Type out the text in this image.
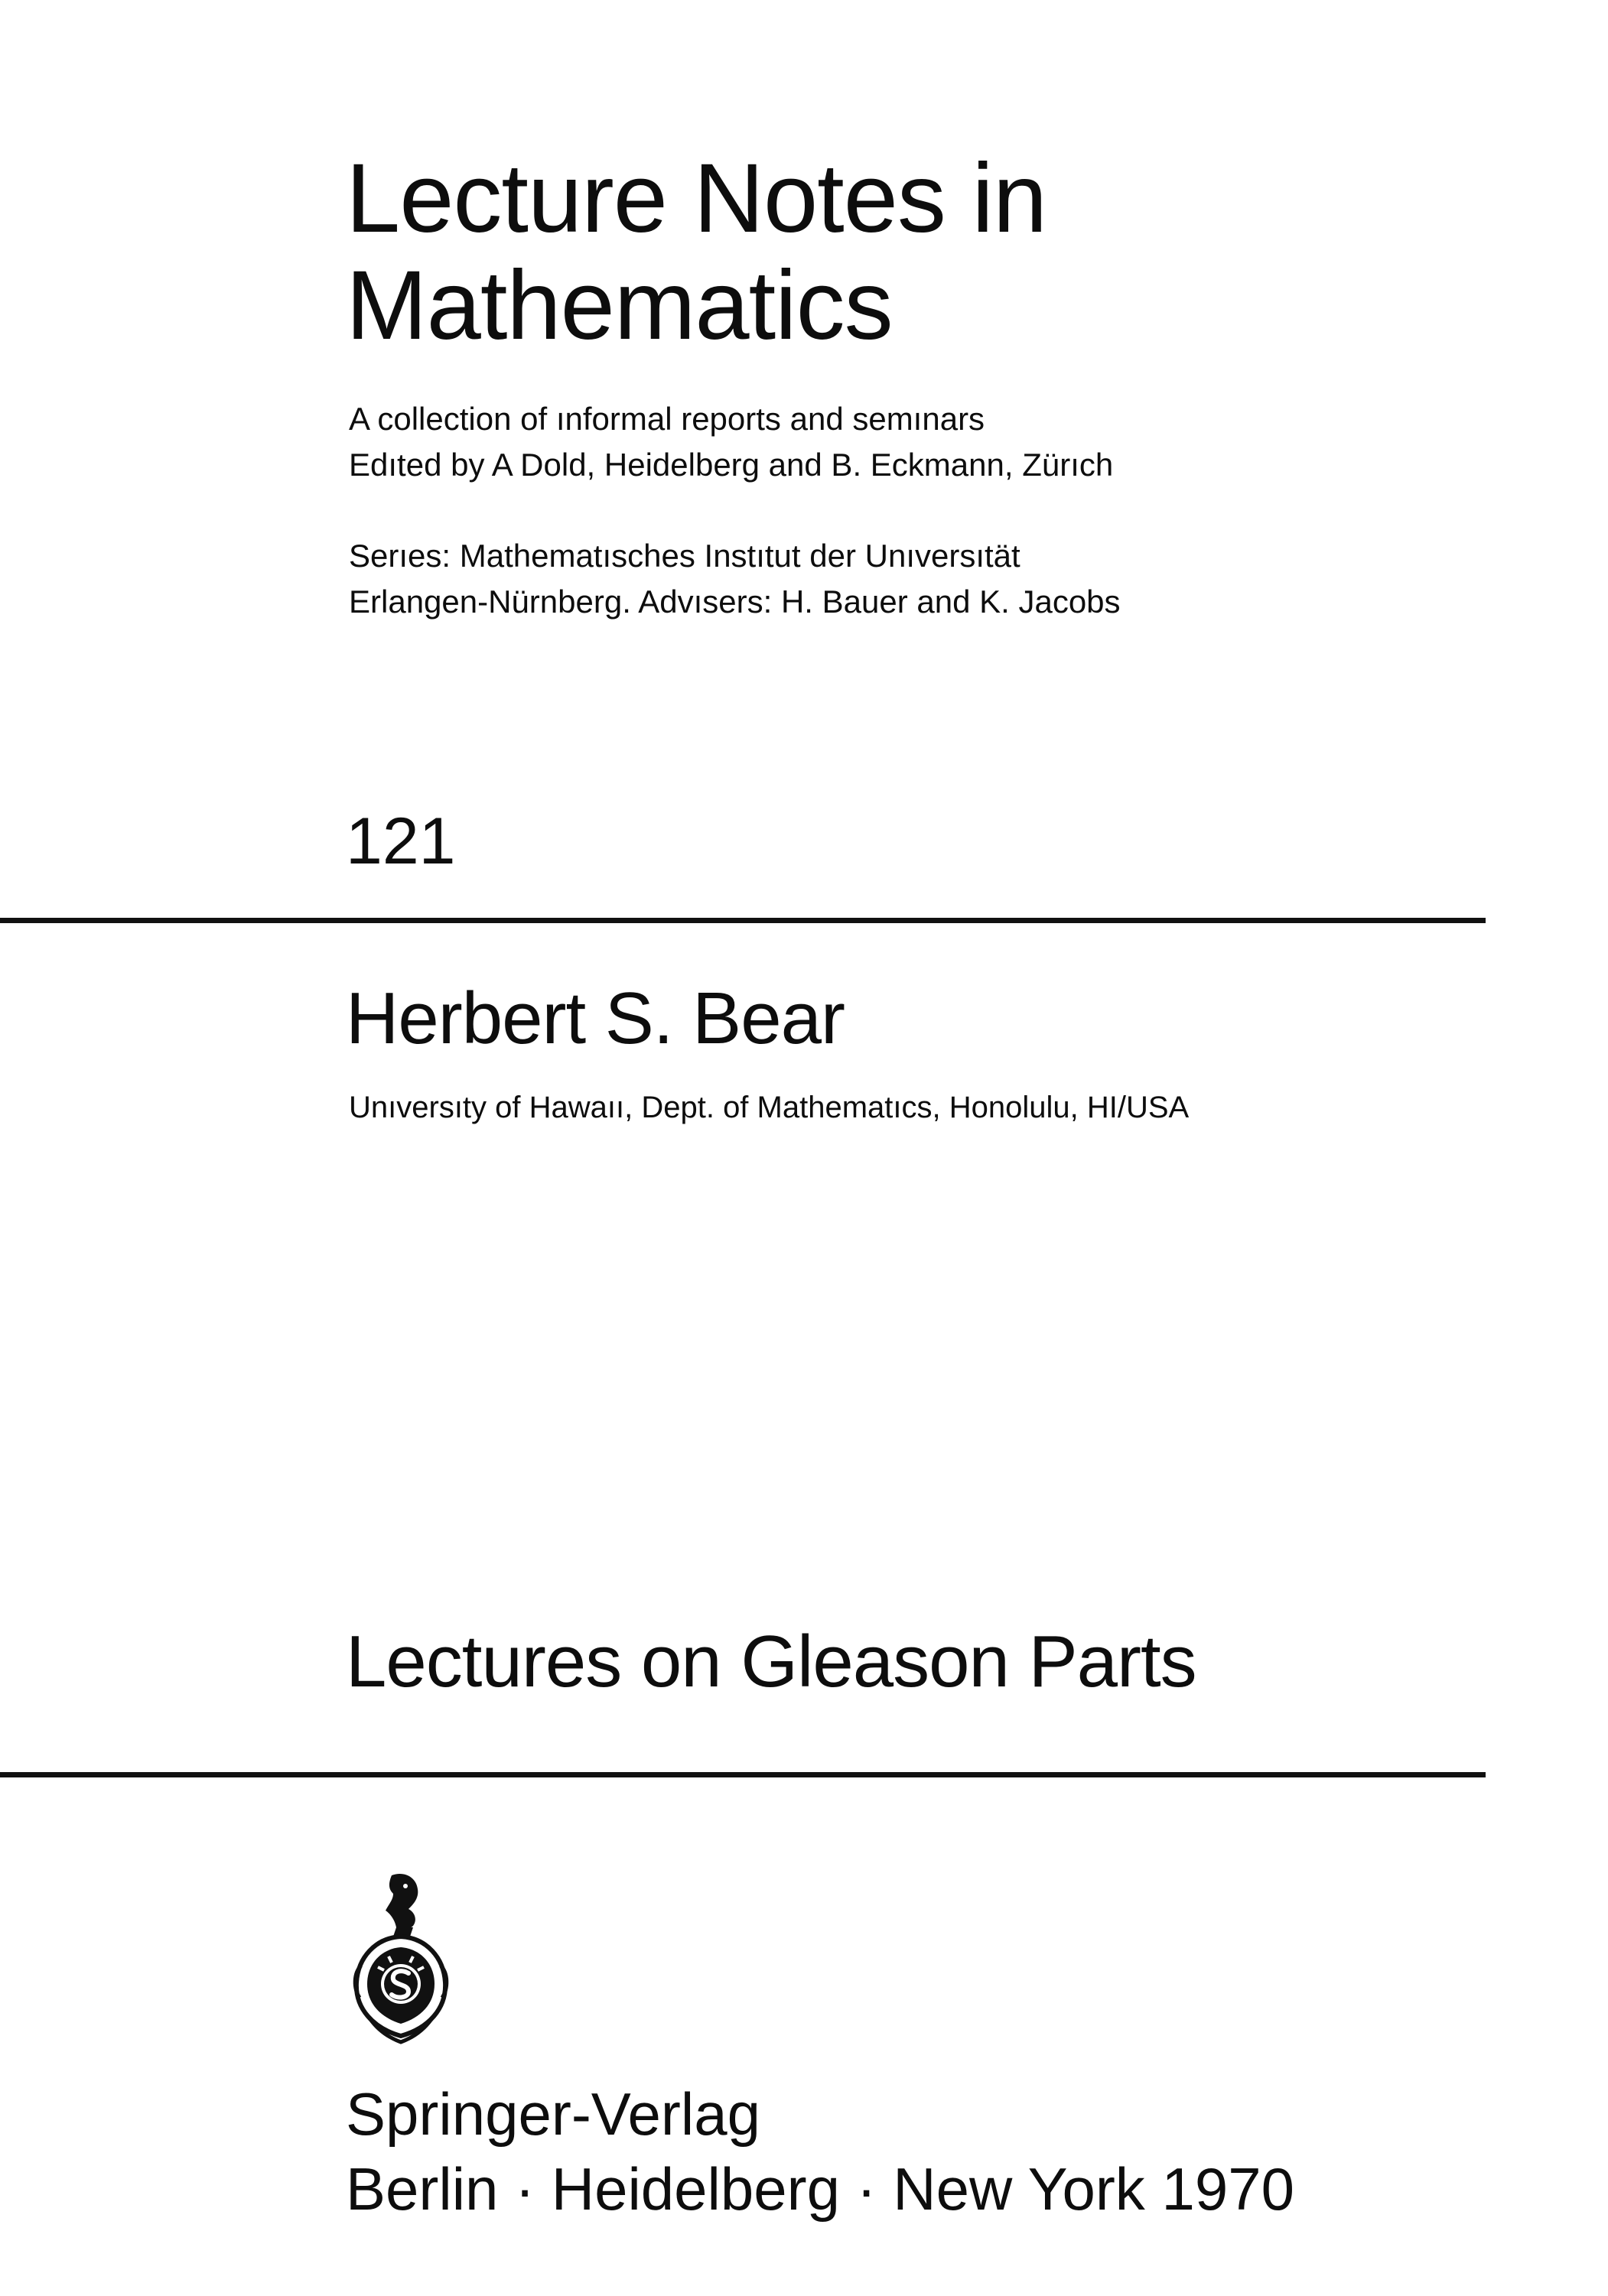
Lecture Notes in
Mathematics
A collection of ınformal reports and semınars
Edıted by A Dold, Heidelberg and B. Eckmann, Zürıch
Serıes: Mathematısches Instıtut der Unıversıtät
Erlangen-Nürnberg. Advısers: H. Bauer and K. Jacobs
121
Herbert S. Bear
Unıversıty of Hawaıı, Dept. of Mathematıcs, Honolulu, HI/USA
Lectures on Gleason Parts
Springer-Verlag
Berlin · Heidelberg · New York 1970
